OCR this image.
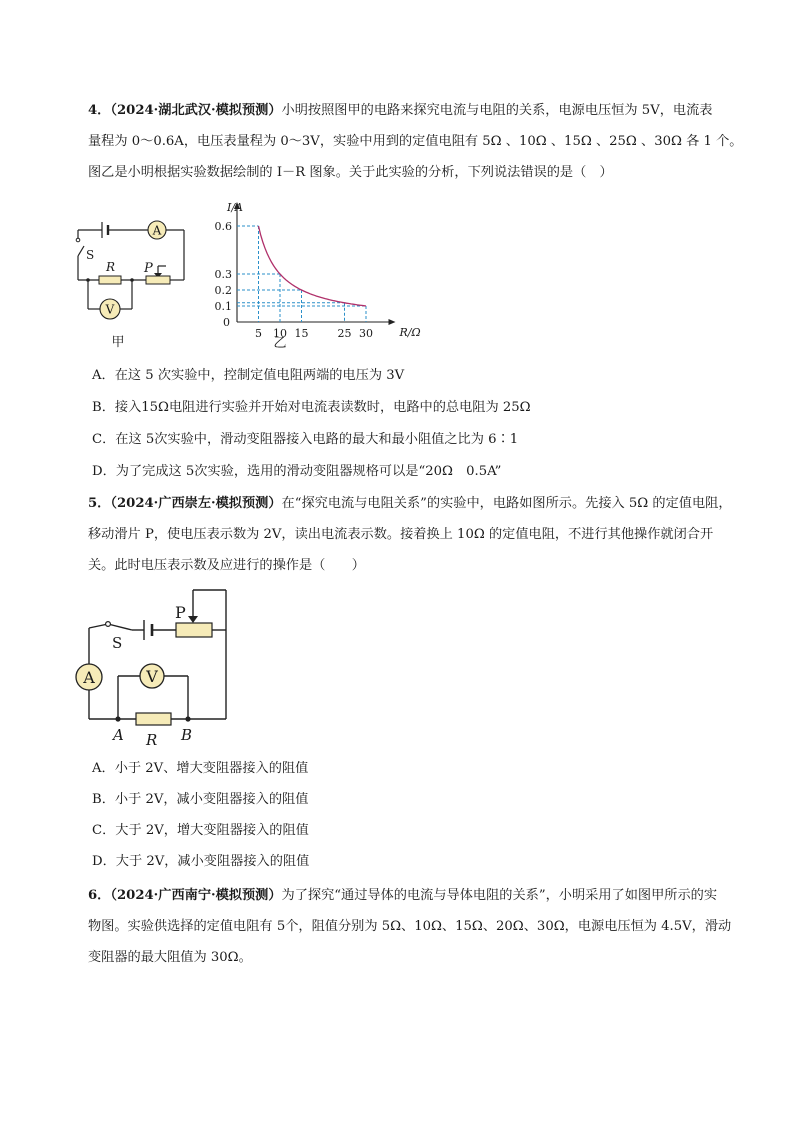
4．（2024·湖北武汉·模拟预测）小明按照图甲的电路来探究电流与电阻的关系，电源电压恒为 5V，电流表
量程为 0～0.6A，电压表量程为 0～3V，实验中用到的定值电阻有 5Ω 、10Ω 、15Ω 、25Ω 、30Ω 各 1 个。
图乙是小明根据实验数据绘制的 I－R 图象。关于此实验的分析，下列说法错误的是（　）
A
V
S
R P
甲
I/A
R/Ω
0
0.6
0.3
0.2
0.1
5 10 15	25 30
乙
A．在这 5 次实验中，控制定值电阻两端的电压为 3V
B．接入15Ω电阻进行实验并开始对电流表读数时，电路中的总电阻为 25Ω
C．在这 5次实验中，滑动变阻器接入电路的最大和最小阻值之比为 6∶1
D．为了完成这 5次实验，选用的滑动变阻器规格可以是“20Ω　0.5A”
5．（2024·广西崇左·模拟预测）在“探究电流与电阻关系”的实验中，电路如图所示。先接入 5Ω 的定值电阻，
移动滑片 P，使电压表示数为 2V，读出电流表示数。接着换上 10Ω 的定值电阻，不进行其他操作就闭合开
关。此时电压表示数及应进行的操作是（　　）
A	V
S
P
A R B
A．小于 2V、增大变阻器接入的阻值
B．小于 2V，减小变阻器接入的阻值
C．大于 2V，增大变阻器接入的阻值
D．大于 2V，减小变阻器接入的阻值
6．（2024·广西南宁·模拟预测）为了探究“通过导体的电流与导体电阻的关系”，小明采用了如图甲所示的实
物图。实验供选择的定值电阻有 5个，阻值分别为 5Ω、10Ω、15Ω、20Ω、30Ω，电源电压恒为 4.5V，滑动
变阻器的最大阻值为 30Ω。
